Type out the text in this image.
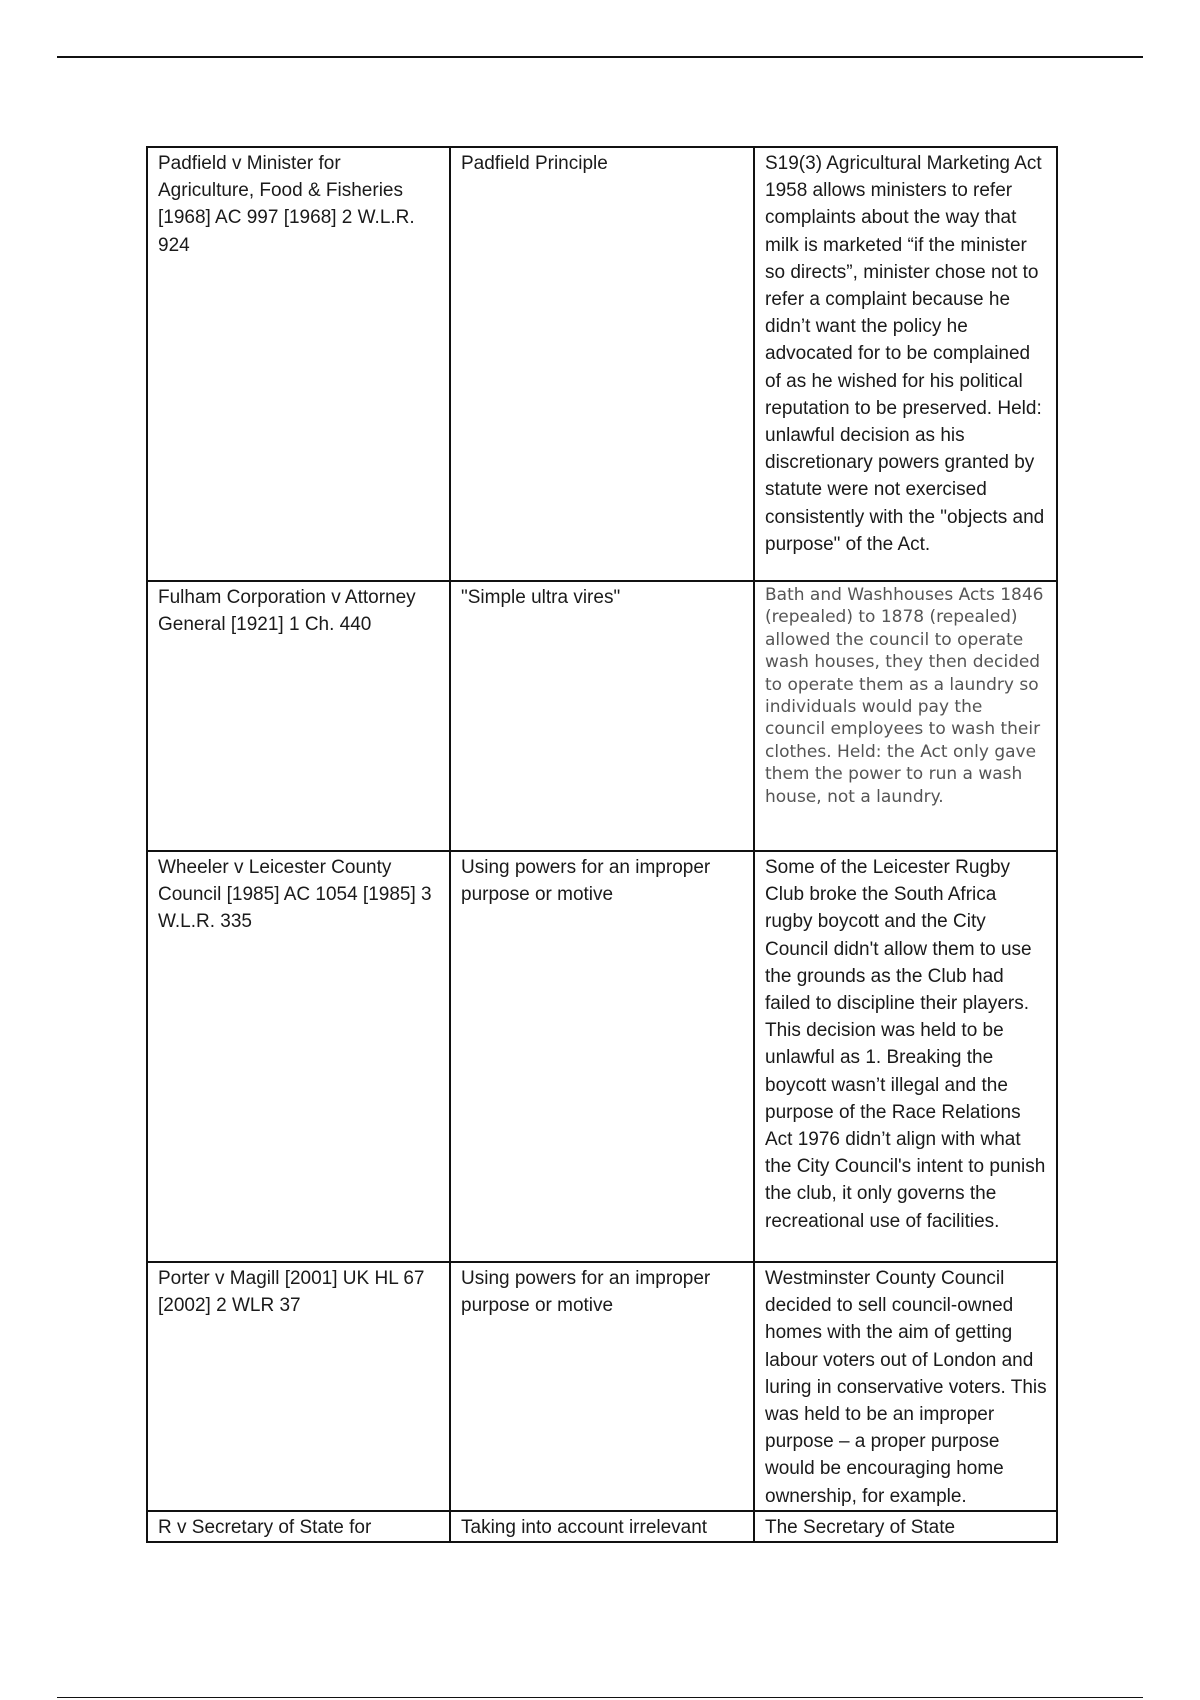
Padfield v Minister for Agriculture, Food & Fisheries [1968] AC 997 [1968] 2 W.L.R. 924	Padfield Principle	S19(3) Agricultural Marketing Act 1958 allows ministers to refer complaints about the way that milk is marketed “if the minister so directs”, minister chose not to refer a complaint because he didn’t want the policy he advocated for to be complained of as he wished for his political reputation to be preserved. Held: unlawful decision as his discretionary powers granted by statute were not exercised consistently with the "objects and purpose" of the Act.
Fulham Corporation v Attorney General [1921] 1 Ch. 440	"Simple ultra vires"	Bath and Washhouses Acts 1846 (repealed) to 1878 (repealed) allowed the council to operate wash houses, they then decided to operate them as a laundry so individuals would pay the council employees to wash their clothes. Held: the Act only gave them the power to run a wash house, not a laundry.
Wheeler v Leicester County Council [1985] AC 1054 [1985] 3 W.L.R. 335	Using powers for an improper purpose or motive	Some of the Leicester Rugby Club broke the South Africa rugby boycott and the City Council didn't allow them to use the grounds as the Club had failed to discipline their players. This decision was held to be unlawful as 1. Breaking the boycott wasn’t illegal and the purpose of the Race Relations Act 1976 didn’t align with what the City Council's intent to punish the club, it only governs the recreational use of facilities.
Porter v Magill [2001] UK HL 67 [2002] 2 WLR 37	Using powers for an improper purpose or motive	Westminster County Council decided to sell council-owned homes with the aim of getting labour voters out of London and luring in conservative voters. This was held to be an improper purpose – a proper purpose would be encouraging home ownership, for example.
R v Secretary of State for	Taking into account irrelevant	The Secretary of State
